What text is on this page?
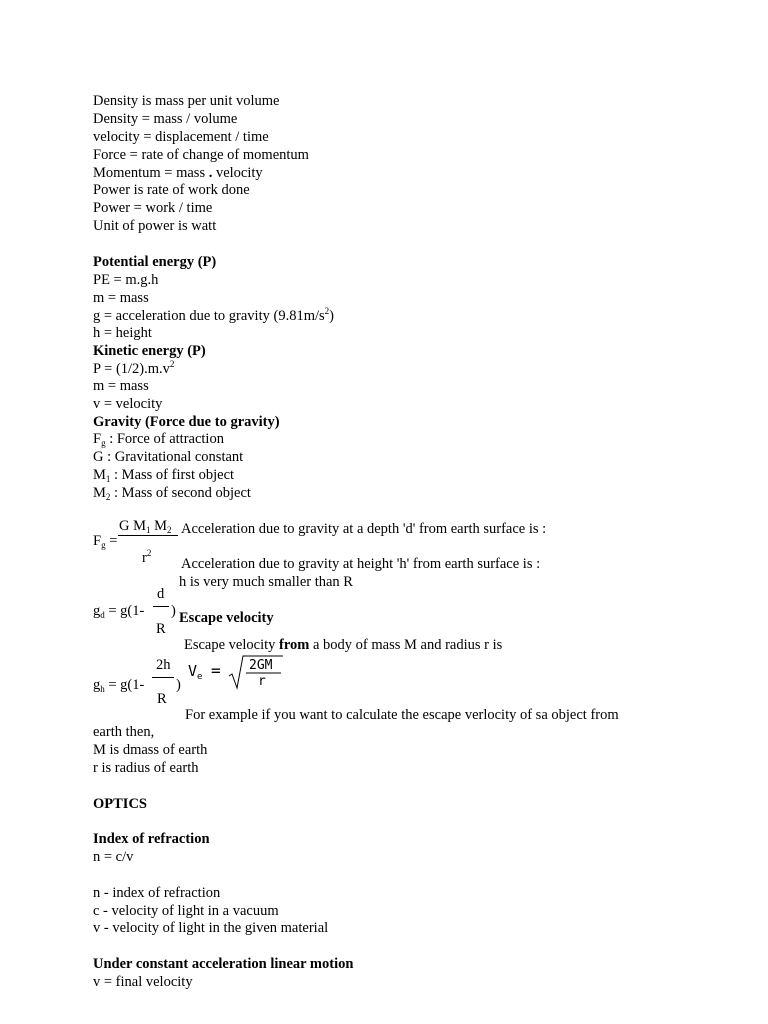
Density is mass per unit volume
Density = mass / volume
velocity = displacement / time
Force = rate of change of momentum
Momentum = mass . velocity
Power is rate of work done
Power = work / time
Unit of power is watt
Potential energy (P)
PE = m.g.h
m = mass
g = acceleration due to gravity $(9.81m/s^2)$
h = height
Kinetic energy (P)
$P = (1/2).m.v^2$
m = mass
v = velocity
Gravity (Force due to gravity)
$F_g$ : Force of attraction
G : Gravitational constant
$M_1$ : Mass of first object
$M_2$ : Mass of second object
$F_g$ =
G $M_1$ $M_2$
$r^2$
Acceleration due to gravity at a depth 'd' from earth surface is :
Acceleration due to gravity at height 'h' from earth surface is :
h is very much smaller than R
d
$g_d = g(1-$ )
R
Escape velocity
Escape velocity from a body of mass M and radius r is
2h
$g_h = g(1-$ )
R
$V_e = 2GM$
r
For example if you want to calculate the escape verlocity of sa object from
earth then,
M is dmass of earth
r is radius of earth
OPTICS
Index of refraction
n = c/v
n - index of refraction
c - velocity of light in a vacuum
v - velocity of light in the given material
Under constant acceleration linear motion
v = final velocity
